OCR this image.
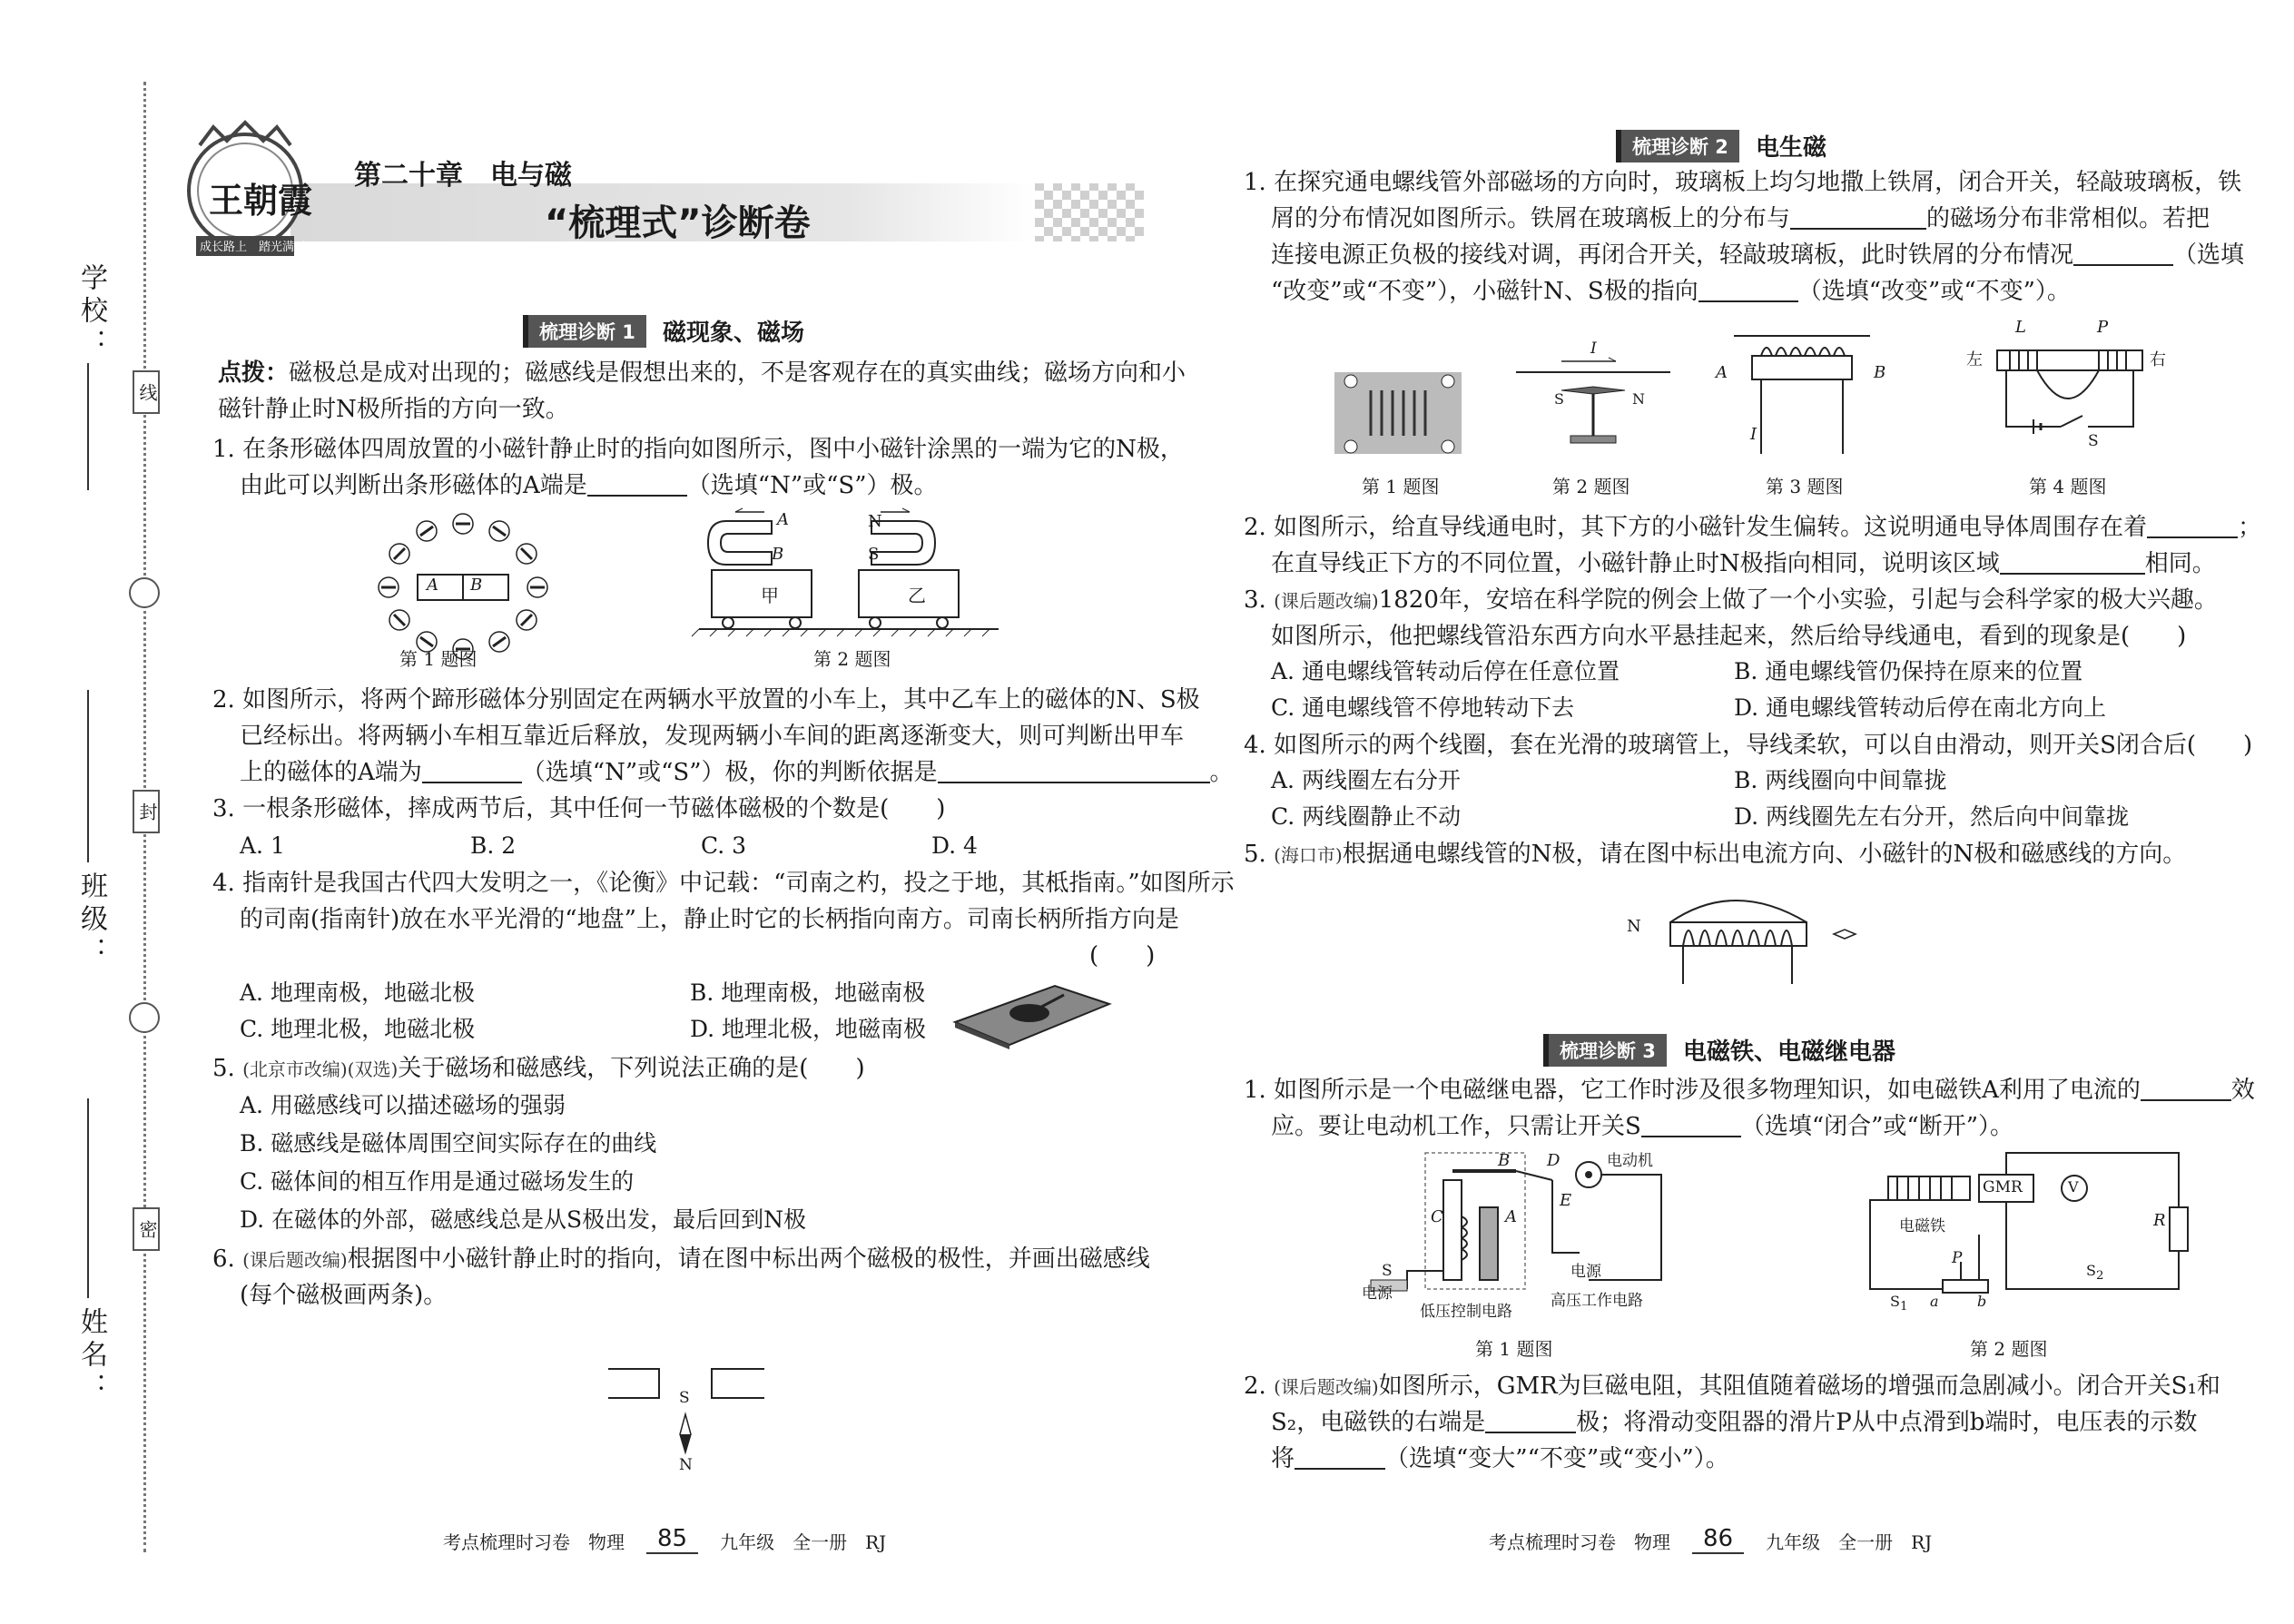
学校：
班级：
姓名：
线
封
密
王朝霞
成长路上　踏光满天
第二十章　电与磁
“梳理式”诊断卷
梳理诊断 1	磁现象、磁场
点拨：磁极总是成对出现的；磁感线是假想出来的，不是客观存在的真实曲线；磁场方向和小
磁针静止时N极所指的方向一致。
1. 在条形磁体四周放置的小磁针静止时的指向如图所示，图中小磁针涂黑的一端为它的N极，
由此可以判断出条形磁体的A端是	（选填“N”或“S”）极。
A B
第 1 题图
A
B
N
S
甲	乙
第 2 题图
2. 如图所示，将两个蹄形磁体分别固定在两辆水平放置的小车上，其中乙车上的磁体的N、S极
已经标出。将两辆小车相互靠近后释放，发现两辆小车间的距离逐渐变大，则可判断出甲车
上的磁体的A端为	（选填“N”或“S”）极，你的判断依据是	。
3. 一根条形磁体，摔成两节后，其中任何一节磁体磁极的个数是(　　)
A. 1	B. 2	C. 3	D. 4
4. 指南针是我国古代四大发明之一，《论衡》中记载：“司南之杓，投之于地，其柢指南。”如图所示
的司南(指南针)放在水平光滑的“地盘”上，静止时它的长柄指向南方。司南长柄所指方向是
(　　)
A. 地理南极，地磁北极	B. 地理南极，地磁南极
C. 地理北极，地磁北极	D. 地理北极，地磁南极
5. (北京市改编)(双选)关于磁场和磁感线，下列说法正确的是(　　)
A. 用磁感线可以描述磁场的强弱
B. 磁感线是磁体周围空间实际存在的曲线
C. 磁体间的相互作用是通过磁场发生的
D. 在磁体的外部，磁感线总是从S极出发，最后回到N极
6. (课后题改编)根据图中小磁针静止时的指向，请在图中标出两个磁极的极性，并画出磁感线
(每个磁极画两条)。
S
N
考点梳理时习卷　物理	85	九年级　全一册　RJ
梳理诊断 2	电生磁
1. 在探究通电螺线管外部磁场的方向时，玻璃板上均匀地撒上铁屑，闭合开关，轻敲玻璃板，铁
屑的分布情况如图所示。铁屑在玻璃板上的分布与	的磁场分布非常相似。若把
连接电源正负极的接线对调，再闭合开关，轻敲玻璃板，此时铁屑的分布情况	（选填
“改变”或“不变”），小磁针N、S极的指向	（选填“改变”或“不变”）。
I
S	N
A	B
I
L	P
左	右
S
第 1 题图	第 2 题图	第 3 题图	第 4 题图
2. 如图所示，给直导线通电时，其下方的小磁针发生偏转。这说明通电导体周围存在着	；
在直导线正下方的不同位置，小磁针静止时N极指向相同，说明该区域	相同。
3. (课后题改编)1820年，安培在科学院的例会上做了一个小实验，引起与会科学家的极大兴趣。
如图所示，他把螺线管沿东西方向水平悬挂起来，然后给导线通电，看到的现象是(　　)
A. 通电螺线管转动后停在任意位置	B. 通电螺线管仍保持在原来的位置
C. 通电螺线管不停地转动下去	D. 通电螺线管转动后停在南北方向上
4. 如图所示的两个线圈，套在光滑的玻璃管上，导线柔软，可以自由滑动，则开关S闭合后(　　)
A. 两线圈左右分开	B. 两线圈向中间靠拢
C. 两线圈静止不动	D. 两线圈先左右分开，然后向中间靠拢
5. (海口市)根据通电螺线管的N极，请在图中标出电流方向、小磁针的N极和磁感线的方向。
N
梳理诊断 3	电磁铁、电磁继电器
1. 如图所示是一个电磁继电器，它工作时涉及很多物理知识，如电磁铁A利用了电流的	效
应。要让电动机工作，只需让开关S	（选填“闭合”或“断开”）。
电动机
电源
电源
低压控制电路
高压工作电路
A
B
C
D
E
S
第 1 题图
GMR	V
电磁铁	R
P
a	b
$S_1$
$S_2$
第 2 题图
2. (课后题改编)如图所示，GMR为巨磁电阻，其阻值随着磁场的增强而急剧减小。闭合开关S₁和
S₂，电磁铁的右端是	极；将滑动变阻器的滑片P从中点滑到b端时，电压表的示数
将	（选填“变大”“不变”或“变小”）。
考点梳理时习卷　物理	86	九年级　全一册　RJ
